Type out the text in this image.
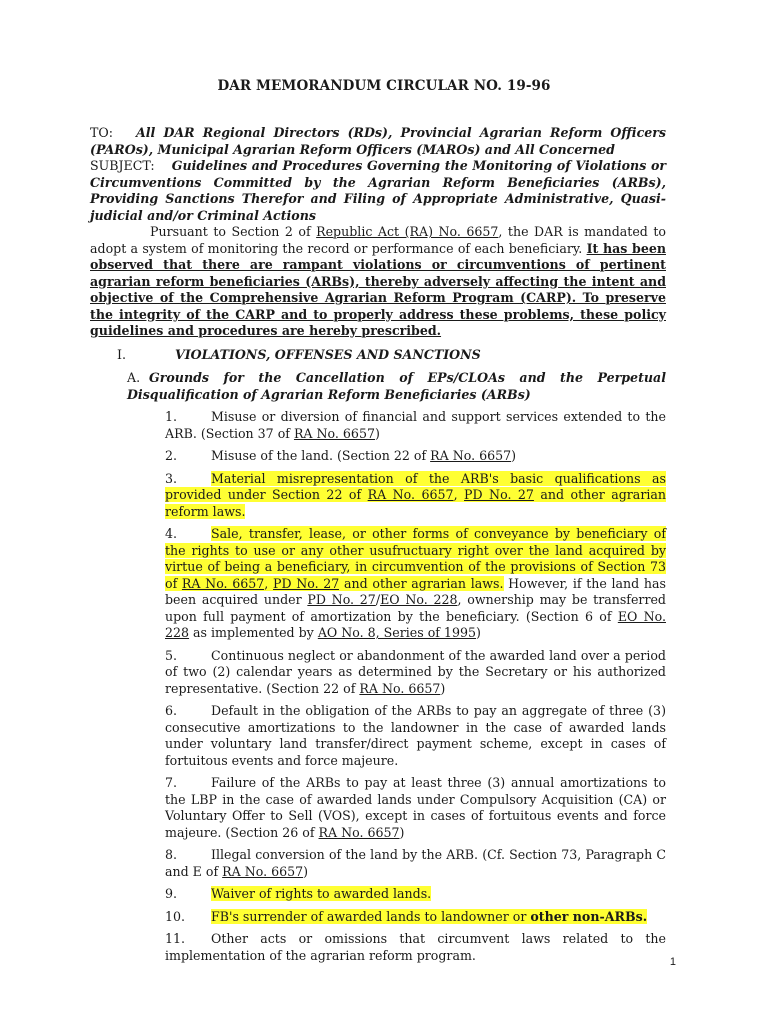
DAR MEMORANDUM CIRCULAR NO. 19-96

TO: All DAR Regional Directors (RDs), Provincial Agrarian Reform Officers (PAROs), Municipal Agrarian Reform Officers (MAROs) and All Concerned

SUBJECT: Guidelines and Procedures Governing the Monitoring of Violations or Circumventions Committed by the Agrarian Reform Beneficiaries (ARBs), Providing Sanctions Therefor and Filing of Appropriate Administrative, Quasi-judicial and/or Criminal Actions

Pursuant to Section 2 of Republic Act (RA) No. 6657, the DAR is mandated to adopt a system of monitoring the record or performance of each beneficiary. It has been observed that there are rampant violations or circumventions of pertinent agrarian reform beneficiaries (ARBs), thereby adversely affecting the intent and objective of the Comprehensive Agrarian Reform Program (CARP). To preserve the integrity of the CARP and to properly address these problems, these policy guidelines and procedures are hereby prescribed.

I.	VIOLATIONS, OFFENSES AND SANCTIONS

A. Grounds for the Cancellation of EPs/CLOAs and the Perpetual Disqualification of Agrarian Reform Beneficiaries (ARBs)

1.	Misuse or diversion of financial and support services extended to the ARB. (Section 37 of RA No. 6657)

2.	Misuse of the land. (Section 22 of RA No. 6657)

3.	Material misrepresentation of the ARB's basic qualifications as provided under Section 22 of RA No. 6657, PD No. 27 and other agrarian reform laws.

4.	Sale, transfer, lease, or other forms of conveyance by beneficiary of the rights to use or any other usufructuary right over the land acquired by virtue of being a beneficiary, in circumvention of the provisions of Section 73 of RA No. 6657, PD No. 27 and other agrarian laws. However, if the land has been acquired under PD No. 27/EO No. 228, ownership may be transferred upon full payment of amortization by the beneficiary. (Section 6 of EO No. 228 as implemented by AO No. 8, Series of 1995)

5.	Continuous neglect or abandonment of the awarded land over a period of two (2) calendar years as determined by the Secretary or his authorized representative. (Section 22 of RA No. 6657)

6.	Default in the obligation of the ARBs to pay an aggregate of three (3) consecutive amortizations to the landowner in the case of awarded lands under voluntary land transfer/direct payment scheme, except in cases of fortuitous events and force majeure.

7.	Failure of the ARBs to pay at least three (3) annual amortizations to the LBP in the case of awarded lands under Compulsory Acquisition (CA) or Voluntary Offer to Sell (VOS), except in cases of fortuitous events and force majeure. (Section 26 of RA No. 6657)

8.	Illegal conversion of the land by the ARB. (Cf. Section 73, Paragraph C and E of RA No. 6657)

9.	Waiver of rights to awarded lands.

10. FB's surrender of awarded lands to landowner or other non-ARBs.

11. Other acts or omissions that circumvent laws related to the implementation of the agrarian reform program.	1
